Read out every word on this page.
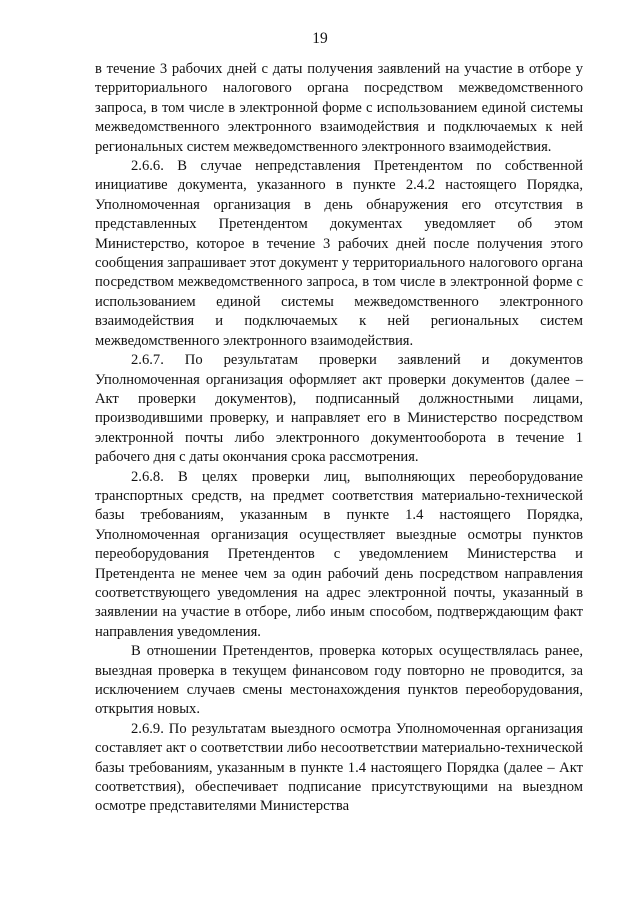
19

в течение 3 рабочих дней с даты получения заявлений на участие в отборе у территориального налогового органа посредством межведомственного запроса, в том числе в электронной форме с использованием единой системы межведомственного электронного взаимодействия и подключаемых к ней региональных систем межведомственного электронного взаимодействия.

2.6.6. В случае непредставления Претендентом по собственной инициативе документа, указанного в пункте 2.4.2 настоящего Порядка, Уполномоченная организация в день обнаружения его отсутствия в представленных Претендентом документах уведомляет об этом Министерство, которое в течение 3 рабочих дней после получения этого сообщения запрашивает этот документ у территориального налогового органа посредством межведомственного запроса, в том числе в электронной форме с использованием единой системы межведомственного электронного взаимодействия и подключаемых к ней региональных систем межведомственного электронного взаимодействия.

2.6.7. По результатам проверки заявлений и документов Уполномоченная организация оформляет акт проверки документов (далее – Акт проверки документов), подписанный должностными лицами, производившими проверку, и направляет его в Министерство посредством электронной почты либо электронного документооборота в течение 1 рабочего дня с даты окончания срока рассмотрения.

2.6.8. В целях проверки лиц, выполняющих переоборудование транспортных средств, на предмет соответствия материально-технической базы требованиям, указанным в пункте 1.4 настоящего Порядка, Уполномоченная организация осуществляет выездные осмотры пунктов переоборудования Претендентов с уведомлением Министерства и Претендента не менее чем за один рабочий день посредством направления соответствующего уведомления на адрес электронной почты, указанный в заявлении на участие в отборе, либо иным способом, подтверждающим факт направления уведомления.

В отношении Претендентов, проверка которых осуществлялась ранее, выездная проверка в текущем финансовом году повторно не проводится, за исключением случаев смены местонахождения пунктов переоборудования, открытия новых.

2.6.9. По результатам выездного осмотра Уполномоченная организация составляет акт о соответствии либо несоответствии материально-технической базы требованиям, указанным в пункте 1.4 настоящего Порядка (далее – Акт соответствия), обеспечивает подписание присутствующими на выездном осмотре представителями Министерства
